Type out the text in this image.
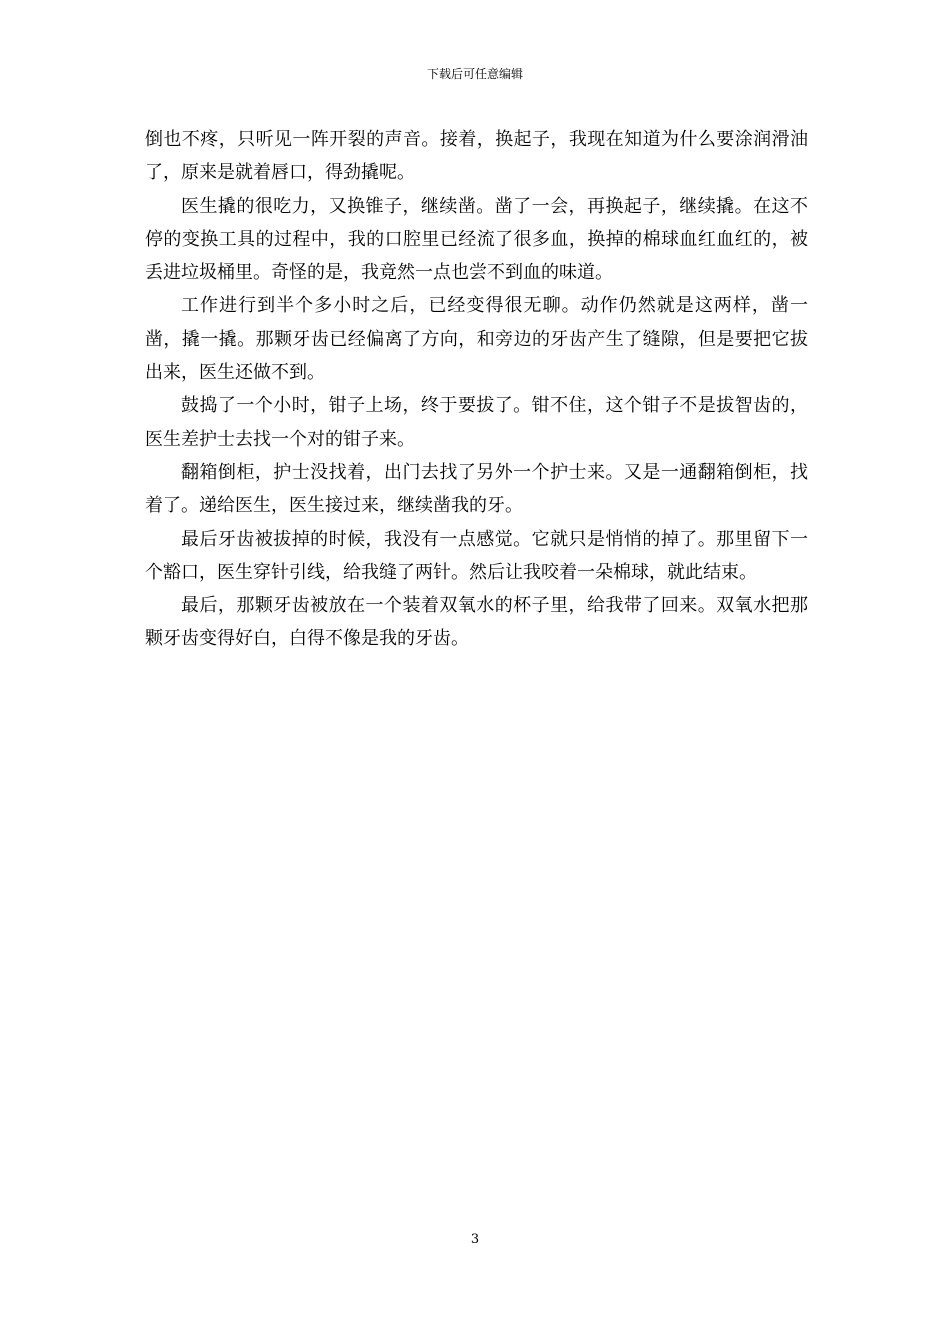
下载后可任意编辑

倒也不疼，只听见一阵开裂的声音。接着，换起子，我现在知道为什么要涂润滑油了，原来是就着唇口，得劲撬呢。

医生撬的很吃力，又换锥子，继续凿。凿了一会，再换起子，继续撬。在这不停的变换工具的过程中，我的口腔里已经流了很多血，换掉的棉球血红血红的，被丢进垃圾桶里。奇怪的是，我竟然一点也尝不到血的味道。

工作进行到半个多小时之后，已经变得很无聊。动作仍然就是这两样，凿一凿，撬一撬。那颗牙齿已经偏离了方向，和旁边的牙齿产生了缝隙，但是要把它拔出来，医生还做不到。

鼓捣了一个小时，钳子上场，终于要拔了。钳不住，这个钳子不是拔智齿的，医生差护士去找一个对的钳子来。

翻箱倒柜，护士没找着，出门去找了另外一个护士来。又是一通翻箱倒柜，找着了。递给医生，医生接过来，继续凿我的牙。

最后牙齿被拔掉的时候，我没有一点感觉。它就只是悄悄的掉了。那里留下一个豁口，医生穿针引线，给我缝了两针。然后让我咬着一朵棉球，就此结束。

最后，那颗牙齿被放在一个装着双氧水的杯子里，给我带了回来。双氧水把那颗牙齿变得好白，白得不像是我的牙齿。

3
